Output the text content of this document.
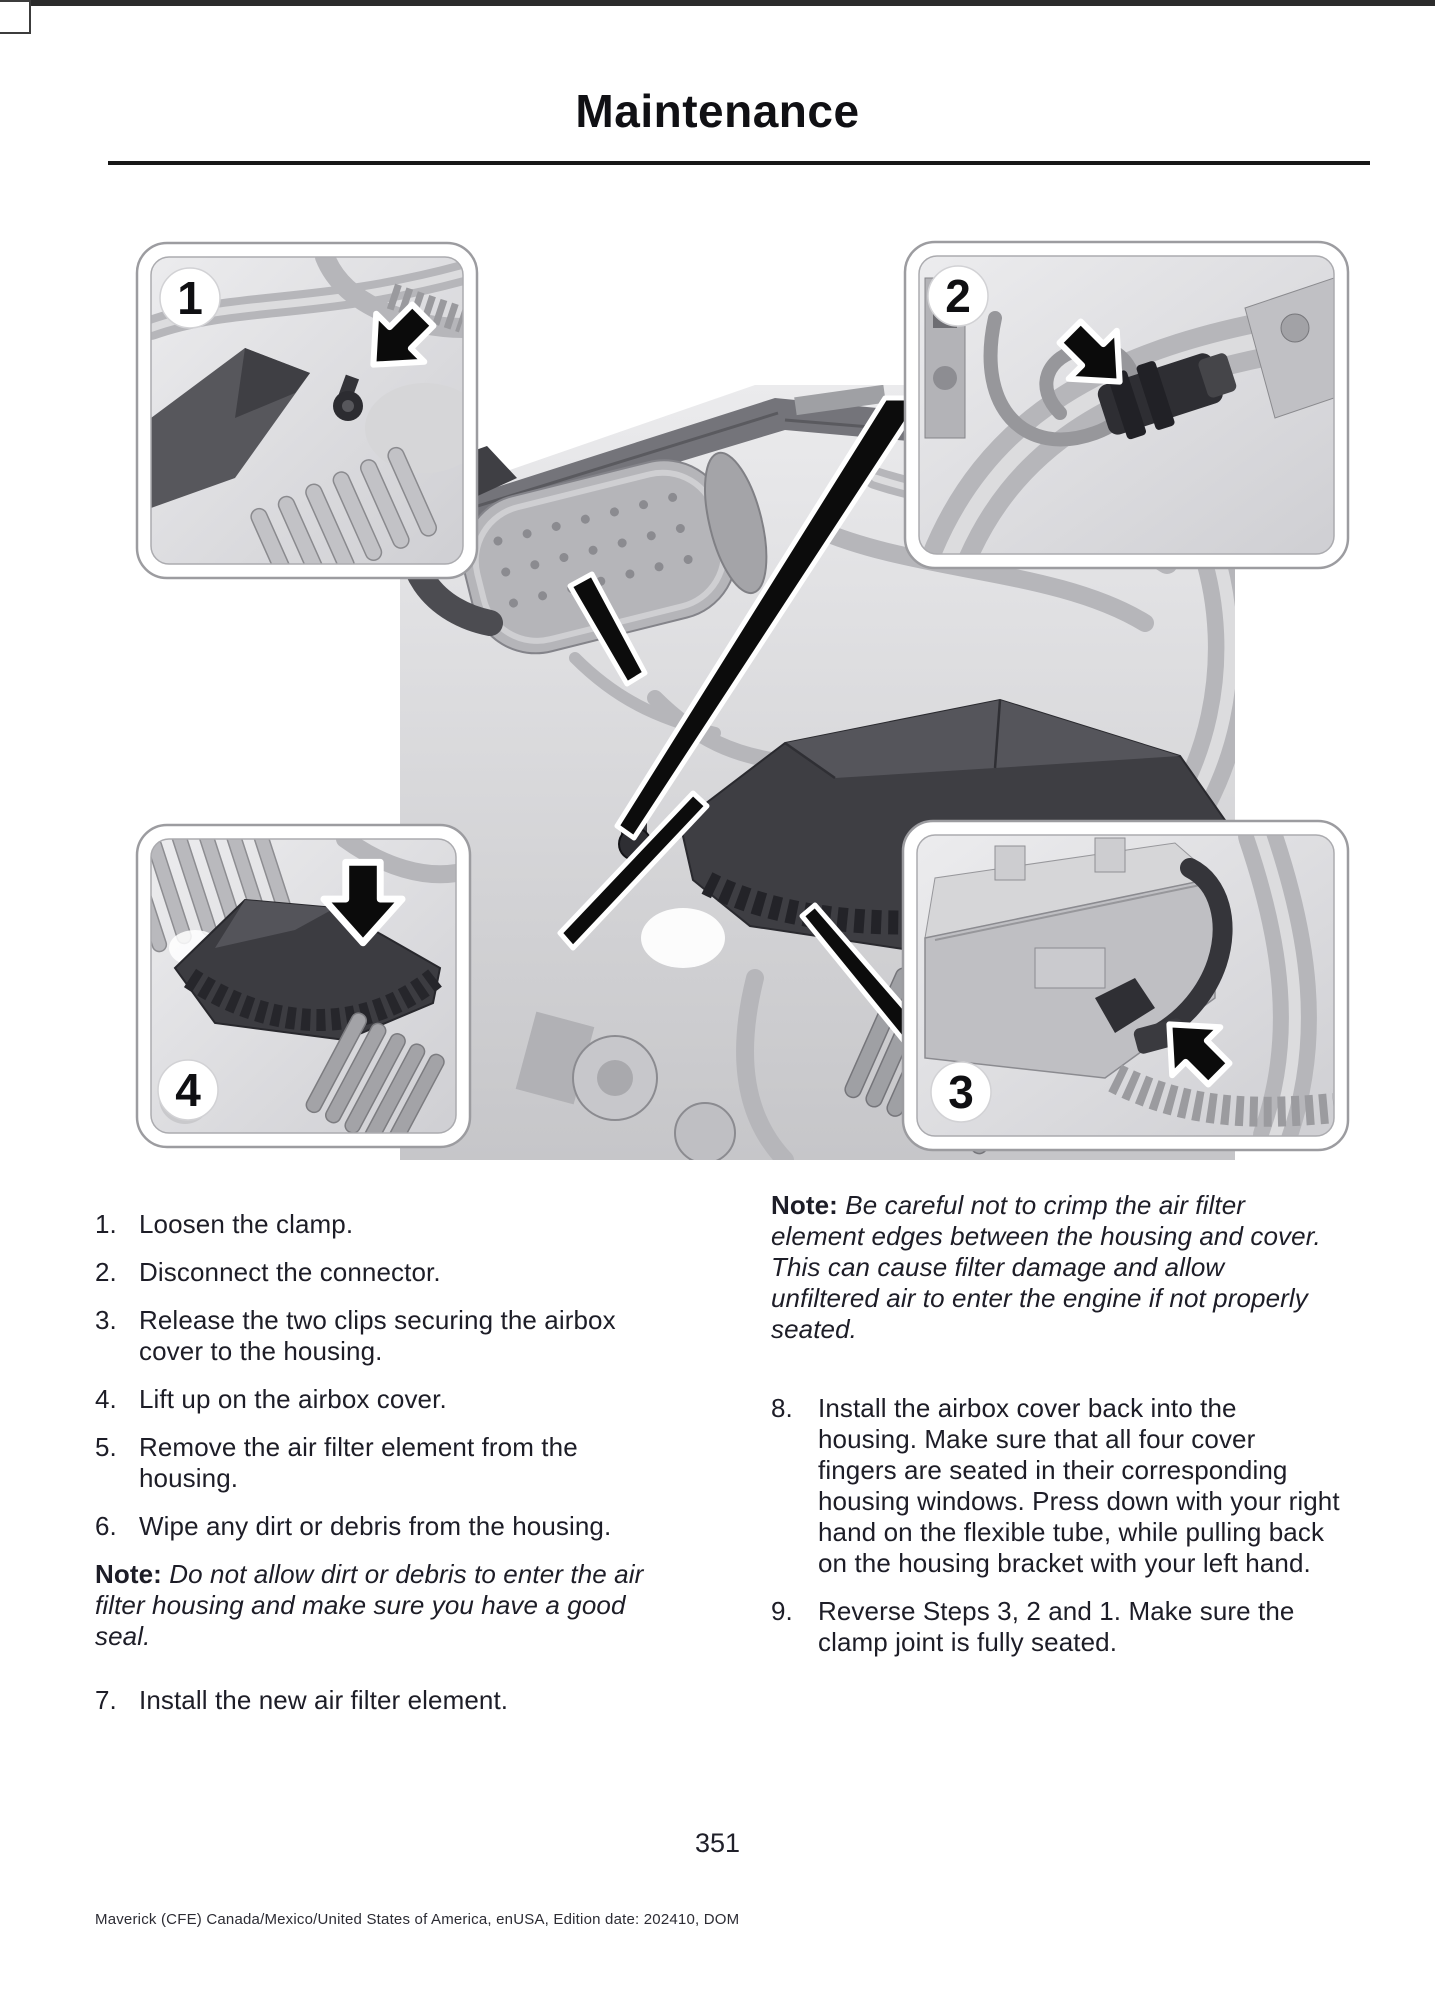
Maintenance
1	2
3
4
1. Loosen the clamp.
2. Disconnect the connector.
3. Release the two clips securing the airbox cover to the housing.
4. Lift up on the airbox cover.
5. Remove the air filter element from the housing.
6. Wipe any dirt or debris from the housing.

Note: Do not allow dirt or debris to enter the air filter housing and make sure you have a good seal.

7. Install the new air filter element.

Note: Be careful not to crimp the air filter element edges between the housing and cover. This can cause filter damage and allow unfiltered air to enter the engine if not properly seated.

8. Install the airbox cover back into the housing. Make sure that all four cover fingers are seated in their corresponding housing windows. Press down with your right hand on the flexible tube, while pulling back on the housing bracket with your left hand.
9. Reverse Steps 3, 2 and 1. Make sure the clamp joint is fully seated.
351
Maverick (CFE) Canada/Mexico/United States of America, enUSA, Edition date: 202410, DOM
